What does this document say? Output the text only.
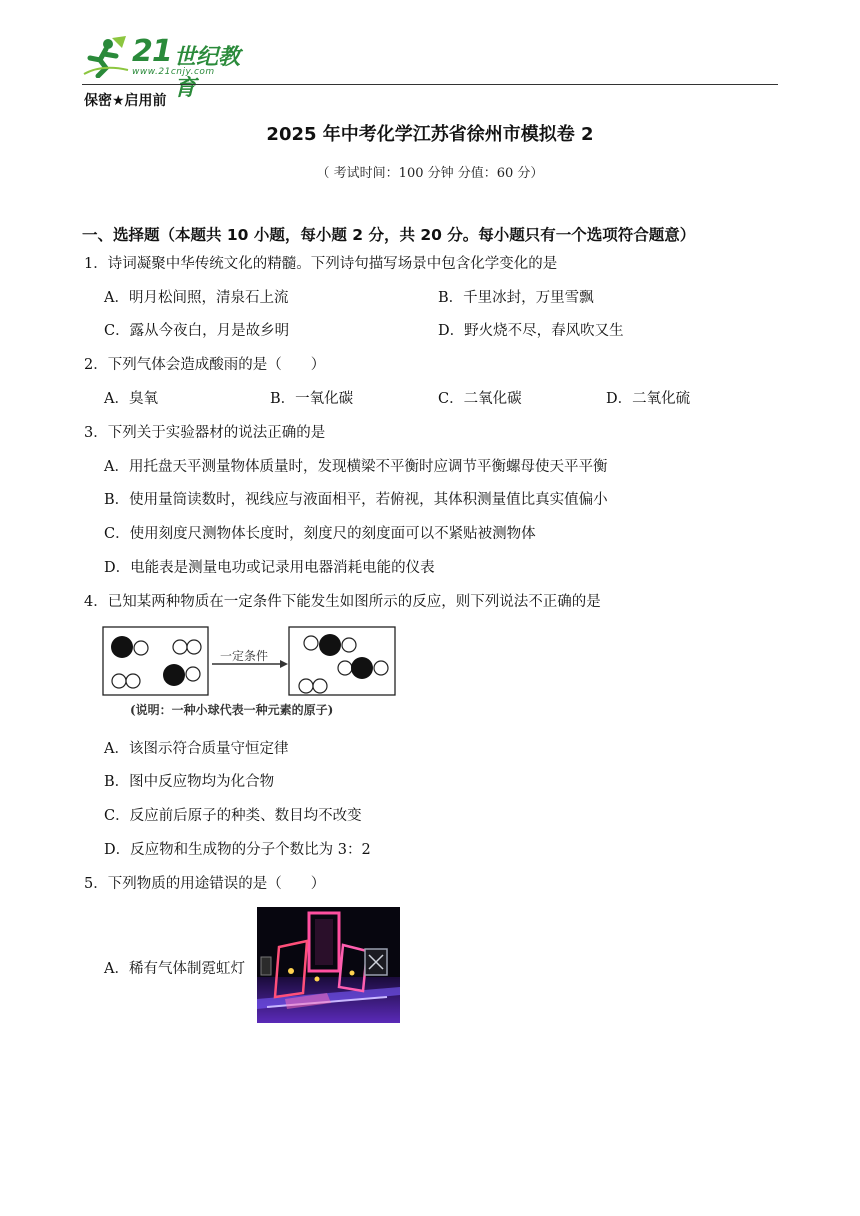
21 世纪教育
www.21cnjy.com
保密★启用前
2025 年中考化学江苏省徐州市模拟卷 2
（ 考试时间：100 分钟 分值：60 分）
一、选择题（本题共 10 小题，每小题 2 分，共 20 分。每小题只有一个选项符合题意）
1．诗词凝聚中华传统文化的精髓。下列诗句描写场景中包含化学变化的是
A．明月松间照，清泉石上流	B．千里冰封，万里雪飘
C．露从今夜白，月是故乡明	D．野火烧不尽，春风吹又生
2．下列气体会造成酸雨的是（　　）
A．臭氧	B．一氧化碳	C．二氧化碳	D．二氧化硫
3．下列关于实验器材的说法正确的是
A．用托盘天平测量物体质量时，发现横梁不平衡时应调节平衡螺母使天平平衡
B．使用量筒读数时，视线应与液面相平，若俯视，其体积测量值比真实值偏小
C．使用刻度尺测物体长度时，刻度尺的刻度面可以不紧贴被测物体
D．电能表是测量电功或记录用电器消耗电能的仪表
4．已知某两种物质在一定条件下能发生如图所示的反应，则下列说法不正确的是
一定条件
(说明：一种小球代表一种元素的原子)
A．该图示符合质量守恒定律
B．图中反应物均为化合物
C．反应前后原子的种类、数目均不改变
D．反应物和生成物的分子个数比为 3：2
5．下列物质的用途错误的是（　　）
A．稀有气体制霓虹灯
